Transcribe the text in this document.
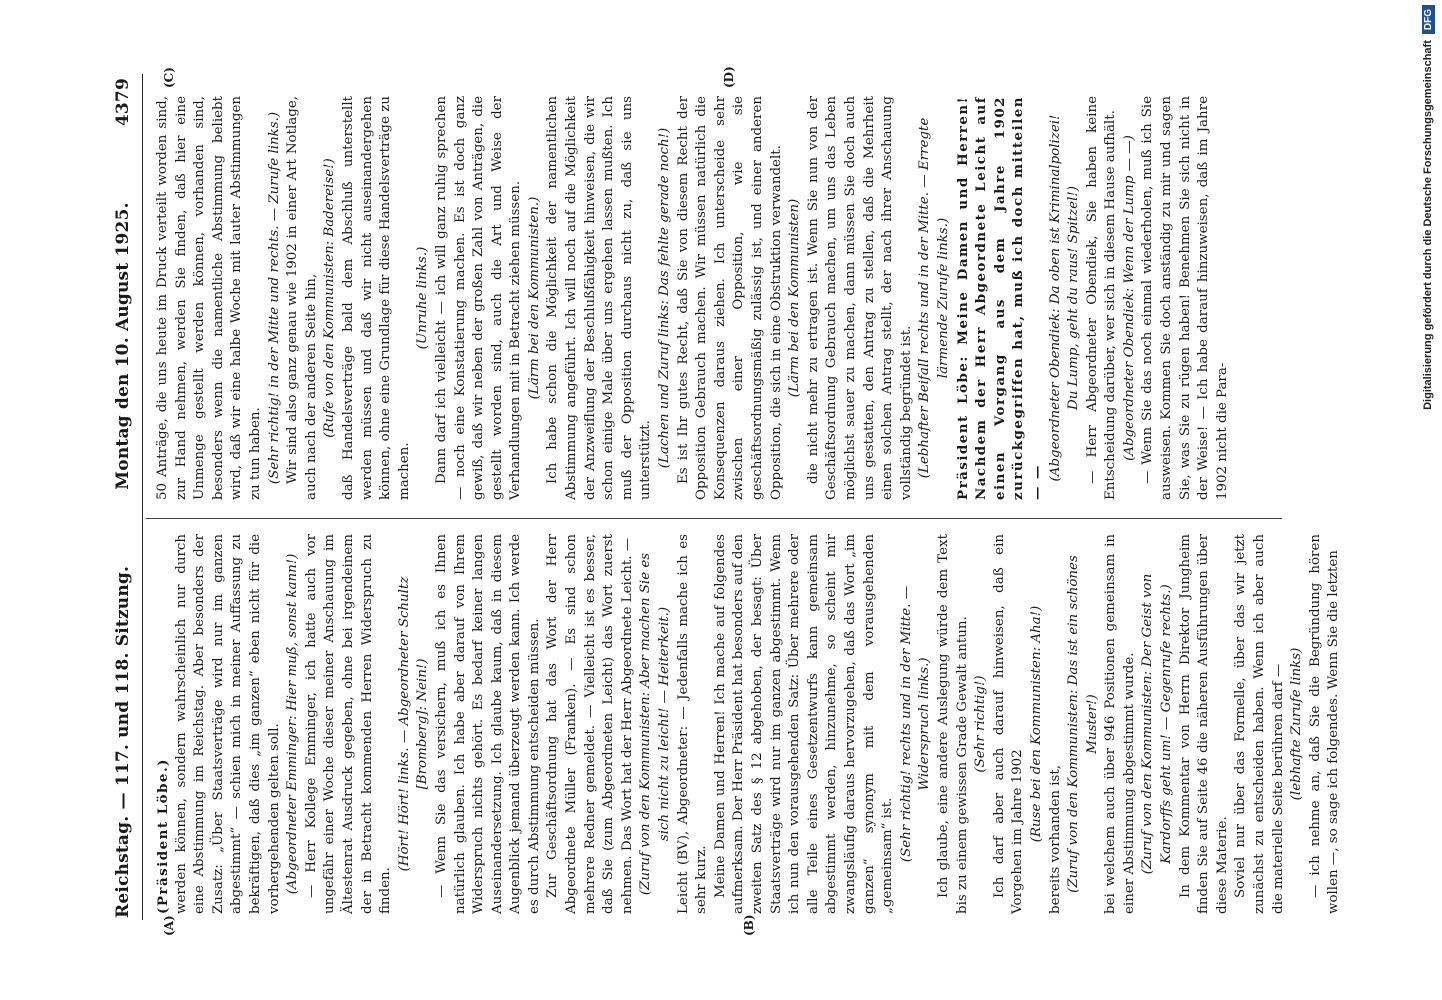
Reichstag. — 117. und 118. Sitzung.
Montag den 10. August 1925.
4379
(A)	(B)
(C)	(D)

(Präsident Löbe.) werden können, sondern wahrscheinlich nur durch eine Abstimmung im Reichstag. Aber besonders der Zusatz: „Über Staatsverträge wird nur im ganzen abgestimmt“ — schien mich in meiner Auffassung zu bekräftigen, daß dies „im ganzen“ eben nicht für die vorhergehenden gelten soll. (Abgeordneter Emminger: Hier muß, sonst kann!) — Herr Kollege Emminger, ich hatte auch vor ungefähr einer Woche dieser meiner Anschauung im Ältestenrat Ausdruck gegeben, ohne bei irgendeinem der in Betracht kommenden Herren Widerspruch zu finden.

(Hört! Hört! links. — Abgeordneter Schultz [Bromberg]: Nein!) — Wenn Sie das versichern, muß ich es Ihnen natürlich glauben. Ich habe aber darauf von Ihrem Widerspruch nichts gehört. Es bedarf keiner langen Auseinandersetzung. Ich glaube kaum, daß in diesem Augenblick jemand überzeugt werden kann. Ich werde es durch Abstimmung entscheiden müssen. Zur Geschäftsordnung hat das Wort der Herr Abgeordnete Müller (Franken). — Es sind schon mehrere Redner gemeldet. — Vielleicht ist es besser, daß Sie (zum Abgeordneten Leicht) das Wort zuerst nehmen. Das Wort hat der Herr Abgeordnete Leicht. — (Zuruf von den Kommunisten: Aber machen Sie es sich nicht zu leicht! — Heiterkeit.) Leicht (BV), Abgeordneter: — Jedenfalls mache ich es sehr kurz. Meine Damen und Herren! Ich mache auf folgendes aufmerksam. Der Herr Präsident hat besonders auf den zweiten Satz des § 12 abgehoben, der besagt: Über Staatsverträge wird nur im ganzen abgestimmt. Wenn ich nun den vorausgehenden Satz: Über mehrere oder alle Teile eines Gesetzentwurfs kann gemeinsam abgestimmt werden, hinzunehme, so scheint mir zwangsläufig daraus hervorzugehen, daß das Wort „im ganzen“ synonym mit dem vorausgehenden „gemeinsam“ ist. (Sehr richtig! rechts und in der Mitte. — Widerspruch links.) Ich glaube, eine andere Auslegung würde dem Text bis zu einem gewissen Grade Gewalt antun. (Sehr richtig!) Ich darf aber auch darauf hinweisen, daß ein Vorgehen im Jahre 1902 (Ruse bei den Kommunisten: Aha!) bereits vorhanden ist, (Zuruf von den Kommunisten: Das ist ein schönes Muster!) bei welchem auch über 946 Positionen gemeinsam in einer Abstimmung abgestimmt wurde. (Zuruf von den Kommunisten: Der Geist von Kardorffs geht um! — Gegenrufe rechts.) In dem Kommentar von Herrn Direktor Jungheim finden Sie auf Seite 46 die näheren Ausführungen über diese Materie. Soviel nur über das Formelle, über das wir jetzt zunächst zu entscheiden haben. Wenn ich aber auch die materielle Seite berühren darf — (lebhafte Zurufe links) — ich nehme an, daß Sie die Begründung hören wollen —, so sage ich folgendes. Wenn Sie die letzten

50 Anträge, die uns heute im Druck verteilt worden sind, zur Hand nehmen, werden Sie finden, daß hier eine Unmenge gestellt werden können, vorhanden sind, besonders wenn die namentliche Abstimmung beliebt wird, daß wir eine halbe Woche mit lauter Abstimmungen zu tun haben. (Sehr richtig! in der Mitte und rechts. — Zurufe links.) Wir sind also ganz genau wie 1902 in einer Art Notlage, auch nach der anderen Seite hin, (Rufe von den Kommunisten: Badereise!) daß Handelsverträge bald dem Abschluß unterstellt werden müssen und daß wir nicht auseinandergehen können, ohne eine Grundlage für diese Handelsverträge zu machen.

(Unruhe links.) Dann darf ich vielleicht — ich will ganz ruhig sprechen — noch eine Konstatierung machen. Es ist doch ganz gewiß, daß wir neben der großen Zahl von Anträgen, die gestellt worden sind, auch die Art und Weise der Verhandlungen mit in Betracht ziehen müssen. (Lärm bei den Kommunisten.) Ich habe schon die Möglichkeit der namentlichen Abstimmung angeführt. Ich will noch auf die Möglichkeit der Anzweiflung der Beschlußfähigkeit hinweisen, die wir schon einige Male über uns ergehen lassen mußten. Ich muß der Opposition durchaus nicht zu, daß sie uns unterstützt. (Lachen und Zuruf links: Das fehlte gerade noch!) Es ist Ihr gutes Recht, daß Sie von diesem Recht der Opposition Gebrauch machen. Wir müssen natürlich die Konsequenzen daraus ziehen. Ich unterscheide sehr zwischen einer Opposition, wie sie geschäftsordnungsmäßig zulässig ist, und einer anderen Opposition, die sich in eine Obstruktion verwandelt. (Lärm bei den Kommunisten) die nicht mehr zu ertragen ist. Wenn Sie nun von der Geschäftsordnung Gebrauch machen, um uns das Leben möglichst sauer zu machen, dann müssen Sie doch auch uns gestatten, den Antrag zu stellen, daß die Mehrheit einen solchen Antrag stellt, der nach ihrer Anschauung vollständig begründet ist. (Lebhafter Beifall rechts und in der Mitte. — Erregte lärmende Zurufe links.) Präsident Löbe: Meine Damen und Herren! Nachdem der Herr Abgeordnete Leicht auf einen Vorgang aus dem Jahre 1902 zurückgegriffen hat, muß ich doch mitteilen — —

(Abgeordneter Obendiek: Da oben ist Kriminalpolizei! Du Lump, geht du raus! Spitzel!) — Herr Abgeordneter Obendiek, Sie haben keine Entscheidung darüber, wer sich in diesem Hause aufhält. (Abgeordneter Obendiek: Wenn der Lump — —) — Wenn Sie das noch einmal wiederholen, muß ich Sie ausweisen. Kommen Sie doch anständig zu mir und sagen Sie, was Sie zu rügen haben! Benehmen Sie sich nicht in der Weise! — Ich habe darauf hinzuweisen, daß im Jahre 1902 nicht die Para-

Digitalisierung gefördert durch die Deutsche Forschungsgemeinschaft
DFG
